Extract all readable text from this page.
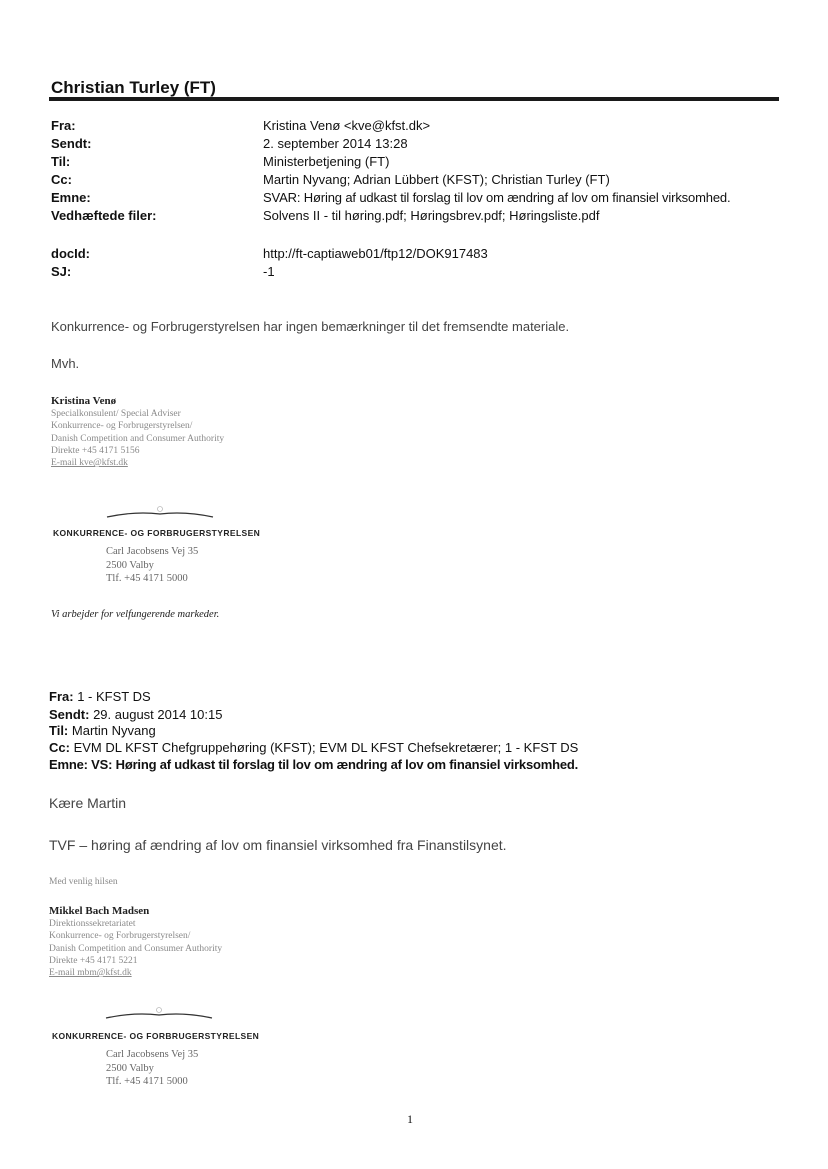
Christian Turley (FT)
Fra:	Kristina Venø <kve@kfst.dk>
Sendt:	2. september 2014 13:28
Til:	Ministerbetjening (FT)
Cc:	Martin Nyvang; Adrian Lübbert (KFST); Christian Turley (FT)
Emne:	SVAR: Høring af udkast til forslag til lov om ændring af lov om finansiel virksomhed.
Vedhæftede filer:	Solvens II - til høring.pdf; Høringsbrev.pdf; Høringsliste.pdf
docId:	http://ft-captiaweb01/ftp12/DOK917483
SJ:	-1
Konkurrence- og Forbrugerstyrelsen har ingen bemærkninger til det fremsendte materiale.
Mvh.
Kristina Venø
Specialkonsulent/ Special Adviser
Konkurrence- og Forbrugerstyrelsen/
Danish Competition and Consumer Authority
Direkte +45 4171 5156
E-mail kve@kfst.dk
KONKURRENCE- OG FORBRUGERSTYRELSEN
Carl Jacobsens Vej 35
2500 Valby
Tlf. +45 4171 5000
Vi arbejder for velfungerende markeder.
Fra: 1 - KFST DS
Sendt: 29. august 2014 10:15
Til: Martin Nyvang
Cc: EVM DL KFST Chefgruppehøring (KFST); EVM DL KFST Chefsekretærer; 1 - KFST DS
Emne: VS: Høring af udkast til forslag til lov om ændring af lov om finansiel virksomhed.
Kære Martin
TVF – høring af ændring af lov om finansiel virksomhed fra Finanstilsynet.
Med venlig hilsen
Mikkel Bach Madsen
Direktionssekretariatet
Konkurrence- og Forbrugerstyrelsen/
Danish Competition and Consumer Authority
Direkte +45 4171 5221
E-mail mbm@kfst.dk
KONKURRENCE- OG FORBRUGERSTYRELSEN
Carl Jacobsens Vej 35
2500 Valby
Tlf. +45 4171 5000
1
